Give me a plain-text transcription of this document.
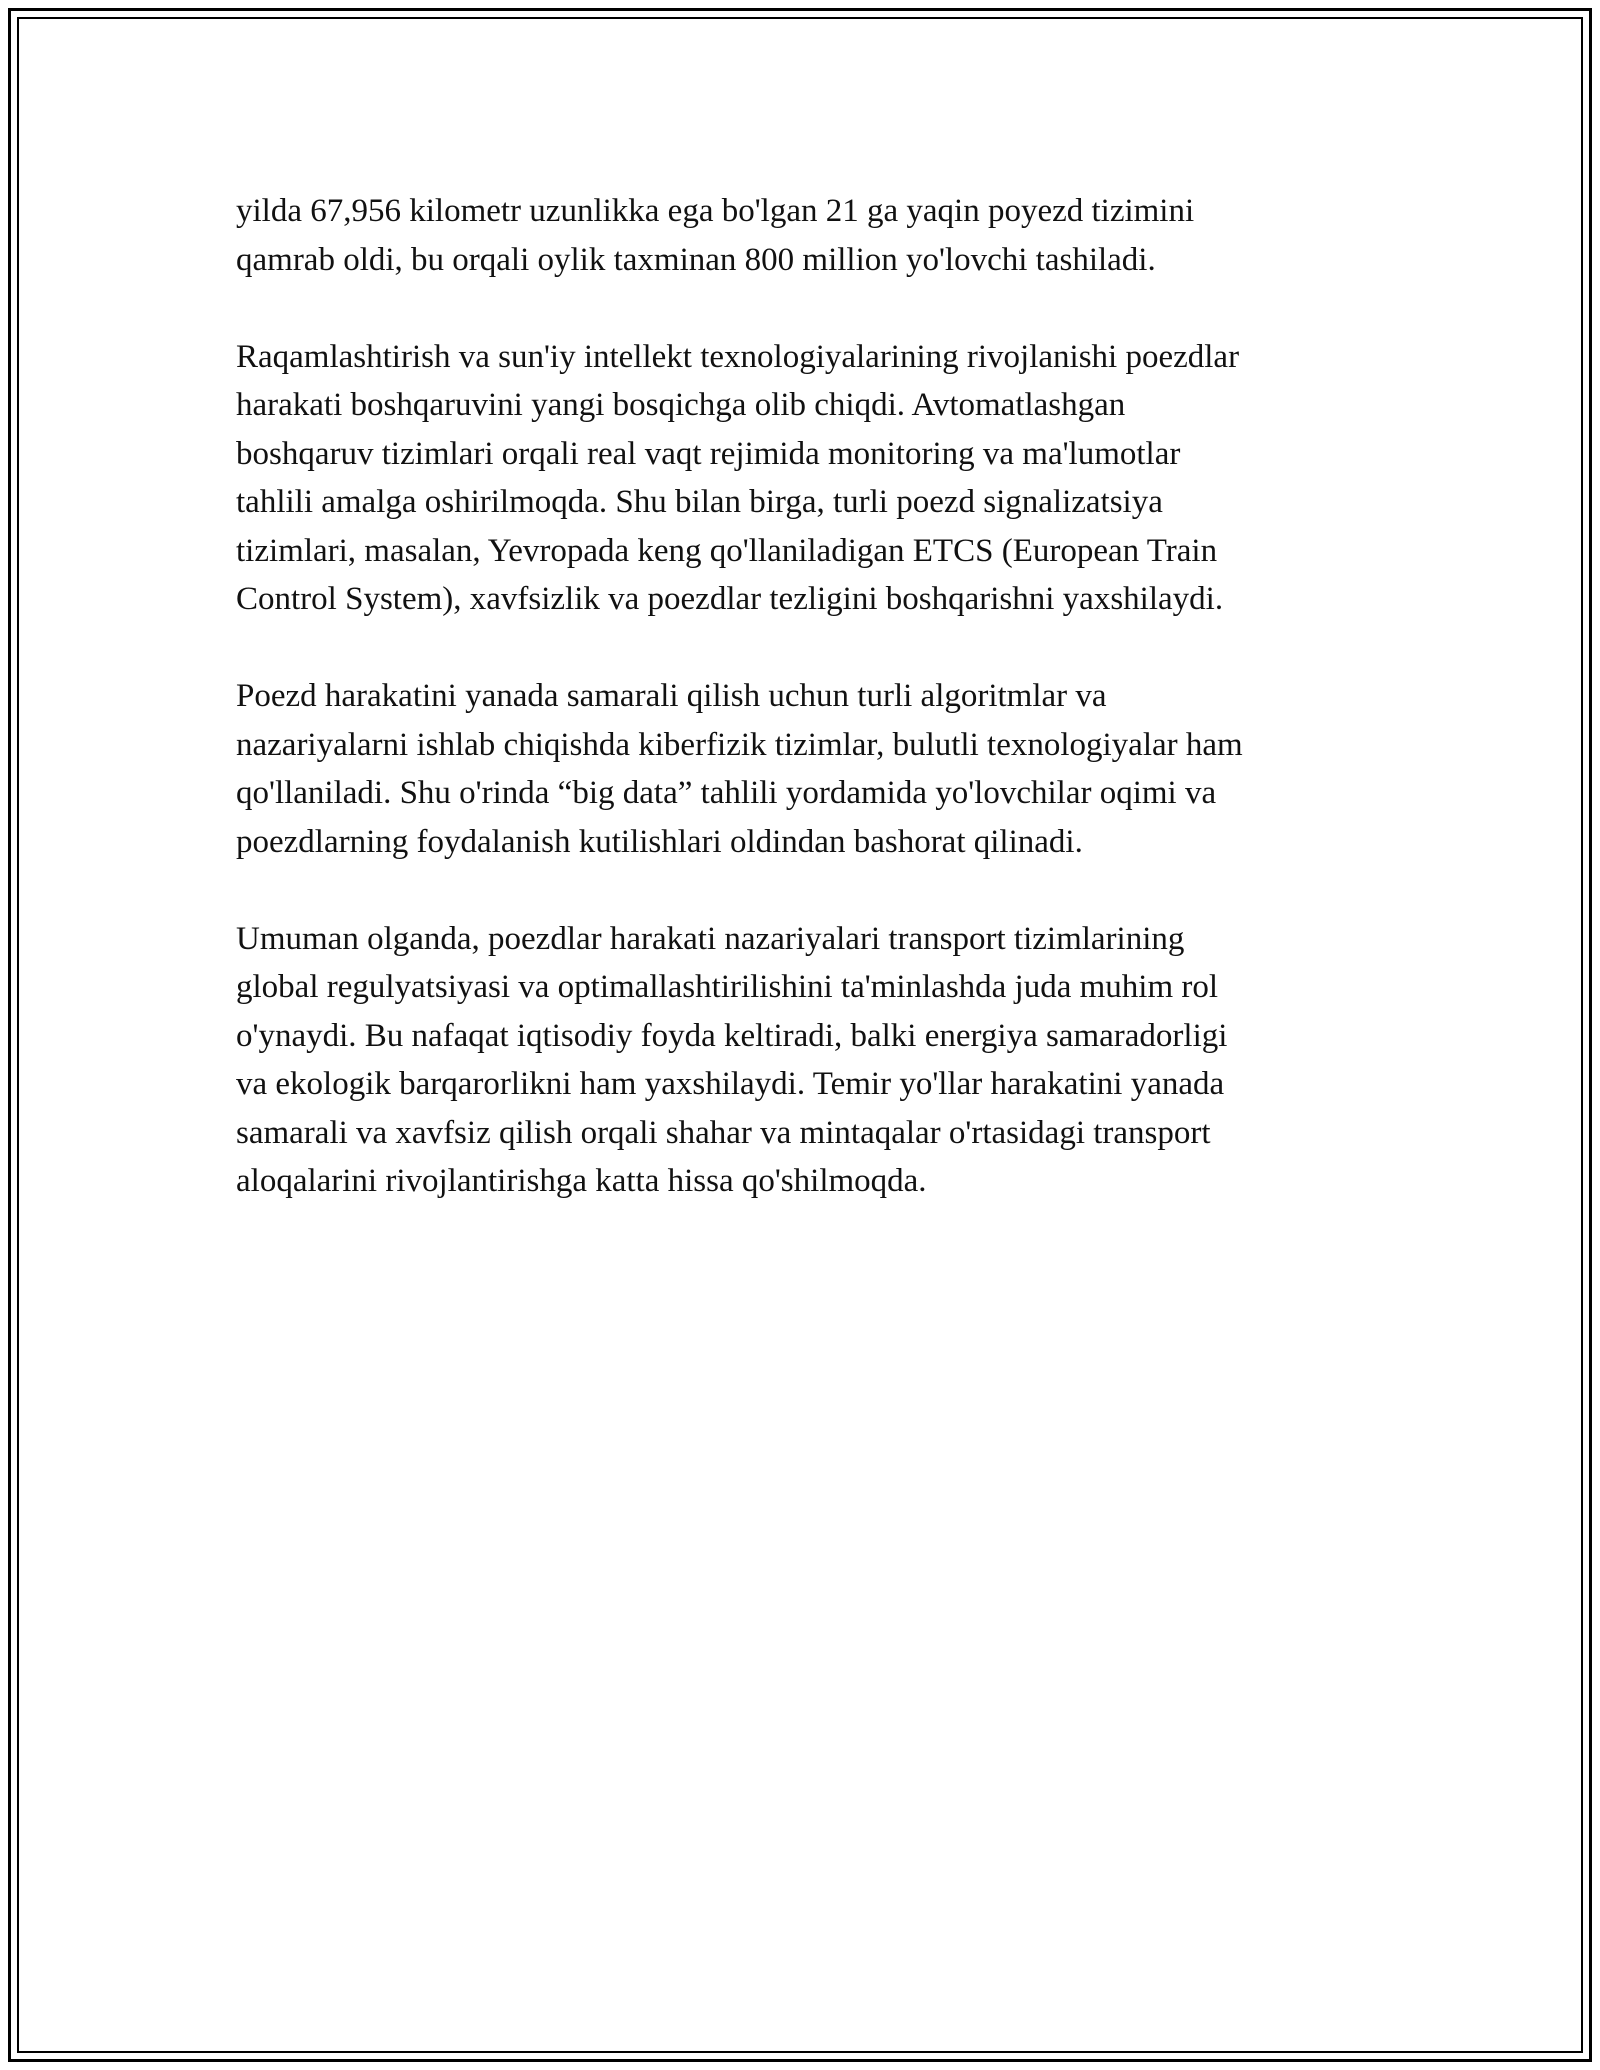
yilda 67,956 kilometr uzunlikka ega bo'lgan 21 ga yaqin poyezd tizimini
qamrab oldi, bu orqali oylik taxminan 800 million yo'lovchi tashiladi.

Raqamlashtirish va sun'iy intellekt texnologiyalarining rivojlanishi poezdlar
harakati boshqaruvini yangi bosqichga olib chiqdi. Avtomatlashgan
boshqaruv tizimlari orqali real vaqt rejimida monitoring va ma'lumotlar
tahlili amalga oshirilmoqda. Shu bilan birga, turli poezd signalizatsiya
tizimlari, masalan, Yevropada keng qo'llaniladigan ETCS (European Train
Control System), xavfsizlik va poezdlar tezligini boshqarishni yaxshilaydi.

Poezd harakatini yanada samarali qilish uchun turli algoritmlar va
nazariyalarni ishlab chiqishda kiberfizik tizimlar, bulutli texnologiyalar ham
qo'llaniladi. Shu o'rinda “big data” tahlili yordamida yo'lovchilar oqimi va
poezdlarning foydalanish kutilishlari oldindan bashorat qilinadi.

Umuman olganda, poezdlar harakati nazariyalari transport tizimlarining
global regulyatsiyasi va optimallashtirilishini ta'minlashda juda muhim rol
o'ynaydi. Bu nafaqat iqtisodiy foyda keltiradi, balki energiya samaradorligi
va ekologik barqarorlikni ham yaxshilaydi. Temir yo'llar harakatini yanada
samarali va xavfsiz qilish orqali shahar va mintaqalar o'rtasidagi transport
aloqalarini rivojlantirishga katta hissa qo'shilmoqda.
